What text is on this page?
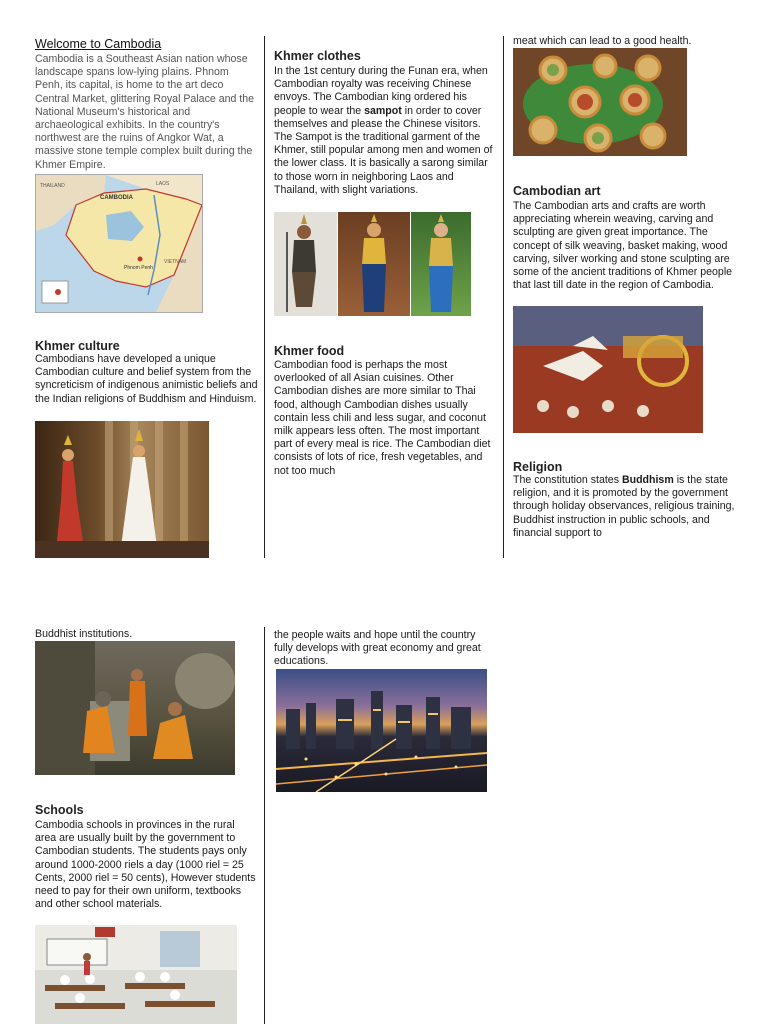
Welcome to Cambodia
Cambodia is a Southeast Asian nation whose landscape spans low-lying plains. Phnom Penh, its capital, is home to the art deco Central Market, glittering Royal Palace and the National Museum's historical and archaeological exhibits. In the country's northwest are the ruins of Angkor Wat, a massive stone temple complex built during the Khmer Empire.
CAMBODIA
THAILAND	LAOS
VIETNAM
Phnom Penh
Khmer culture
Cambodians have developed a unique Cambodian culture and belief system from the syncreticism of indigenous animistic beliefs and the Indian religions of Buddhism and Hinduism.
Khmer clothes
In the 1st century during the Funan era, when Cambodian royalty was receiving Chinese envoys. The Cambodian king ordered his people to wear the sampot in order to cover themselves and please the Chinese visitors. The Sampot is the traditional garment of the Khmer, still popular among men and women of the lower class. It is basically a sarong similar to those worn in neighboring Laos and Thailand, with slight variations.
Khmer food
Cambodian food is perhaps the most overlooked of all Asian cuisines. Other Cambodian dishes are more similar to Thai food, although Cambodian dishes usually contain less chili and less sugar, and coconut milk appears less often. The most important part of every meal is rice. The Cambodian diet consists of lots of rice, fresh vegetables, and not too much
meat which can lead to a good health.
Cambodian art
The Cambodian arts and crafts are worth appreciating wherein weaving, carving and sculpting are given great importance. The concept of silk weaving, basket making, wood carving, silver working and stone sculpting are some of the ancient traditions of Khmer people that last till date in the region of Cambodia.
Religion
The constitution states Buddhism is the state religion, and it is promoted by the government through holiday observances, religious training, Buddhist instruction in public schools, and financial support to
Buddhist institutions.
Schools
Cambodia schools in provinces in the rural area are usually built by the government to Cambodian students. The students pays only around 1000-2000 riels a day (1000 riel = 25 Cents, 2000 riel = 50 cents), However students need to pay for their own uniform, textbooks and other school materials.
the people waits and hope until the country fully develops with great economy and great educations.
